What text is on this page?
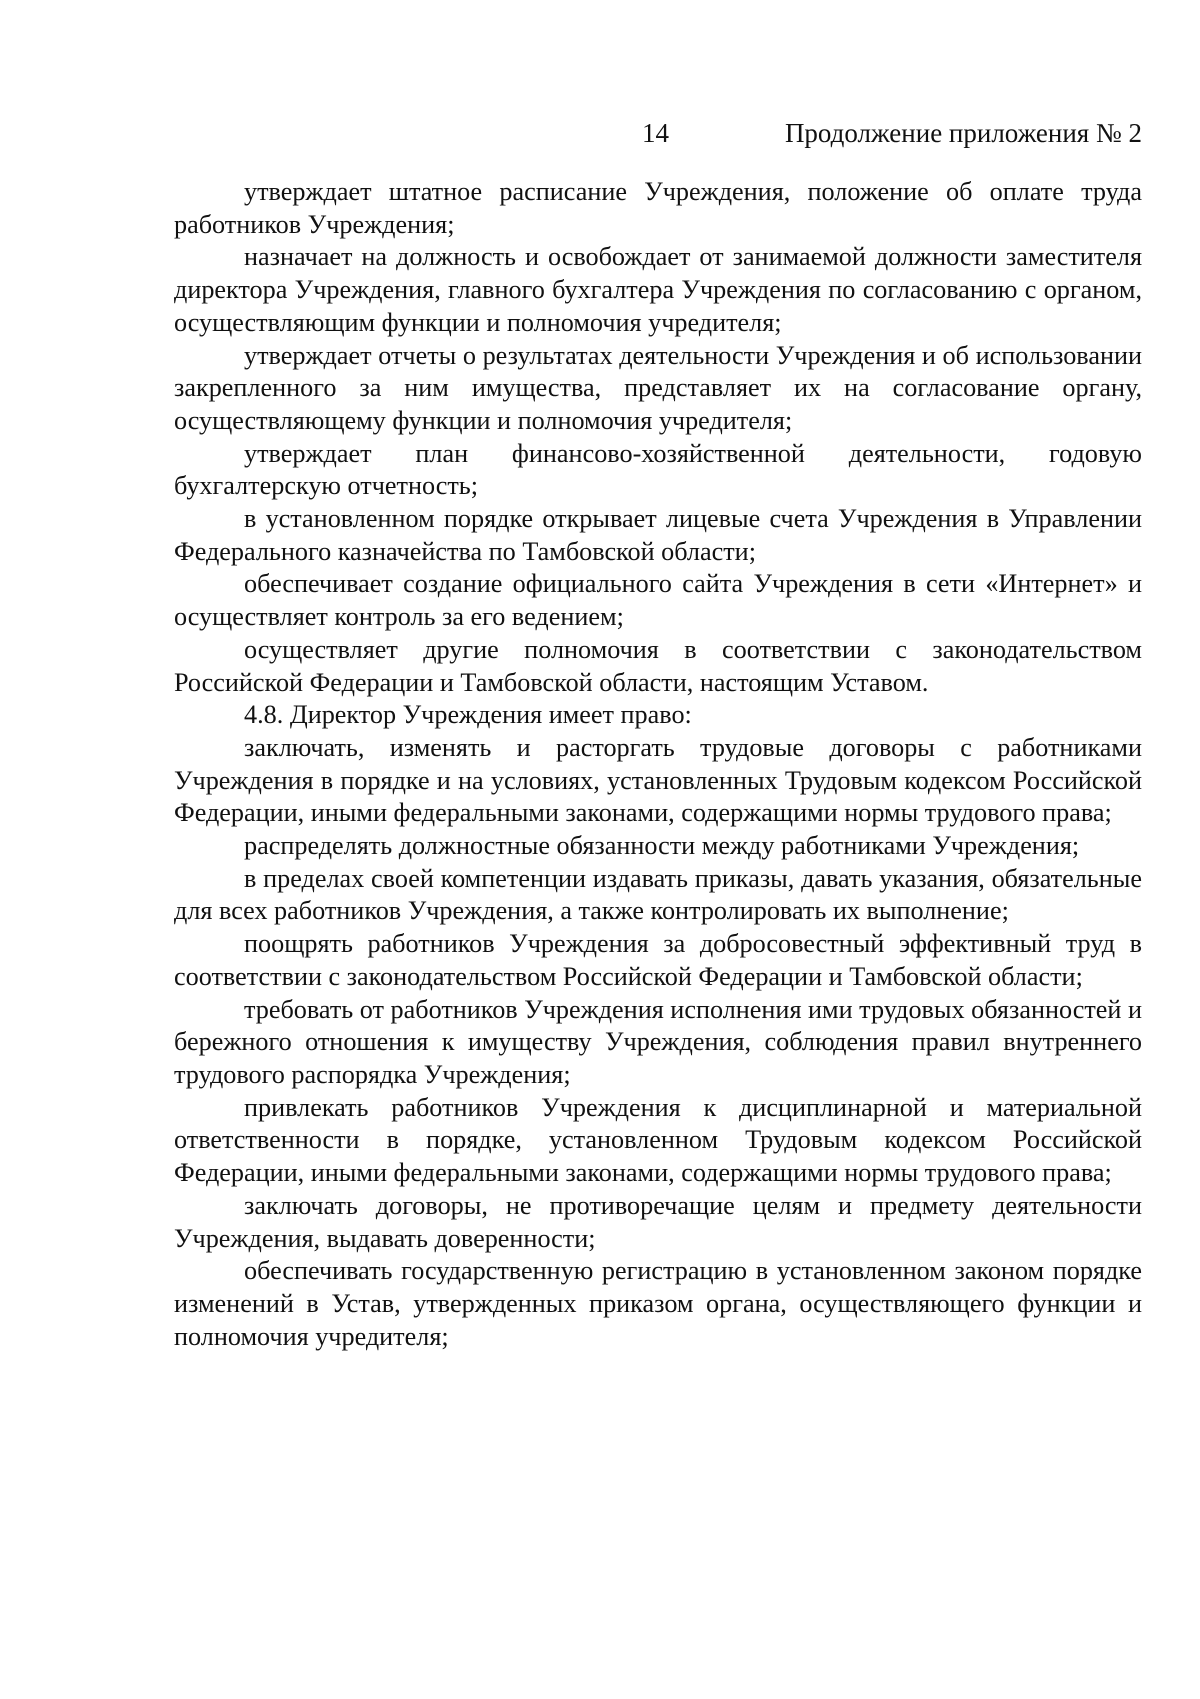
14	Продолжение приложения № 2

утверждает штатное расписание Учреждения, положение об оплате труда работников Учреждения;

назначает на должность и освобождает от занимаемой должности заместителя директора Учреждения, главного бухгалтера Учреждения по согласованию с органом, осуществляющим функции и полномочия учредителя;

утверждает отчеты о результатах деятельности Учреждения и об использовании закрепленного за ним имущества, представляет их на согласование органу, осуществляющему функции и полномочия учредителя;

утверждает план финансово-хозяйственной деятельности, годовую бухгалтерскую отчетность;

в установленном порядке открывает лицевые счета Учреждения в Управлении Федерального казначейства по Тамбовской области;

обеспечивает создание официального сайта Учреждения в сети «Интернет» и осуществляет контроль за его ведением;

осуществляет другие полномочия в соответствии с законодательством Российской Федерации и Тамбовской области, настоящим Уставом.

4.8. Директор Учреждения имеет право:

заключать, изменять и расторгать трудовые договоры с работниками Учреждения в порядке и на условиях, установленных Трудовым кодексом Российской Федерации, иными федеральными законами, содержащими нормы трудового права;

распределять должностные обязанности между работниками Учреждения;

в пределах своей компетенции издавать приказы, давать указания, обязательные для всех работников Учреждения, а также контролировать их выполнение;

поощрять работников Учреждения за добросовестный эффективный труд в соответствии с законодательством Российской Федерации и Тамбовской области;

требовать от работников Учреждения исполнения ими трудовых обязанностей и бережного отношения к имуществу Учреждения, соблюдения правил внутреннего трудового распорядка Учреждения;

привлекать работников Учреждения к дисциплинарной и материальной ответственности в порядке, установленном Трудовым кодексом Российской Федерации, иными федеральными законами, содержащими нормы трудового права;

заключать договоры, не противоречащие целям и предмету деятельности Учреждения, выдавать доверенности;

обеспечивать государственную регистрацию в установленном законом порядке изменений в Устав, утвержденных приказом органа, осуществляющего функции и полномочия учредителя;
